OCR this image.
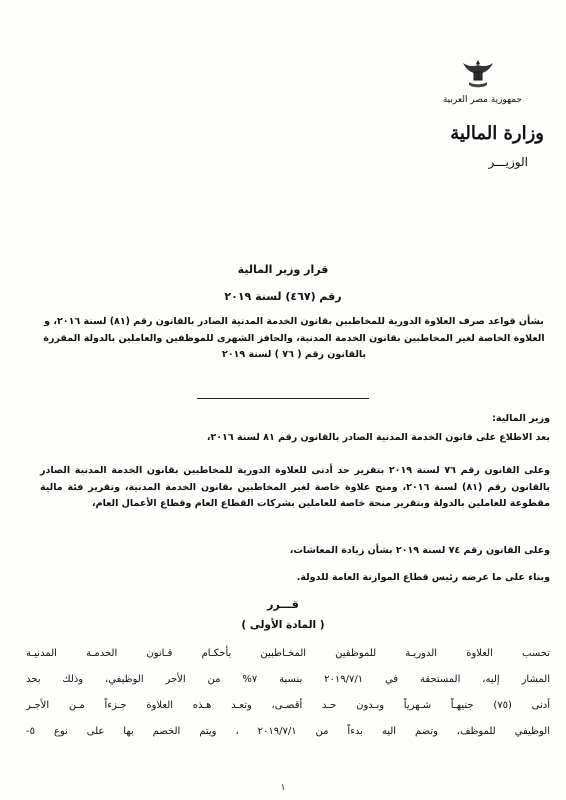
جمهورية مصر العربية
وزارة المالية
الوزيـــر
قرار وزير المالية
رقم (٤٦٧) لسنة ٢٠١٩
بشأن قواعد صرف العلاوة الدورية للمخاطبين بقانون الخدمة المدنية الصادر بالقانون رقم (٨١) لسنة ٢٠١٦، و العلاوة الخاصة لغير المخاطبين بقانون الخدمة المدنية، والحافز الشهرى للموظفين والعاملين بالدولة المقررة بالقانون رقم ( ٧٦ ) لسنة ٢٠١٩
وزير المالية:
بعد الاطلاع على قانون الخدمة المدنية الصادر بالقانون رقم ٨١ لسنة ٢٠١٦،
وعلى القانون رقم ٧٦ لسنة ٢٠١٩ بتقرير حد أدنى للعلاوة الدورية للمخاطبين بقانون الخدمة المدنية الصادر بالقانون رقم (٨١) لسنة ٢٠١٦، ومنح علاوة خاصة لغير المخاطبين بقانون الخدمة المدنية، وتقرير فئة مالية مقطوعة للعاملين بالدولة وبتقرير منحة خاصة للعاملين بشركات القطاع العام وقطاع الأعمال العام،
وعلى القانون رقم ٧٤ لسنة ٢٠١٩ بشأن زيادة المعاشات،
وبناء على ما عرضه رئيس قطاع الموازنة العامة للدولة.
قـــرر
( المادة الأولى )
تحسب العلاوة الدوريـة للموظفين المخـاطبين بأحكـام قـانون الخدمـة المدنيـة
المشار إليه، المستحقة في ٢٠١٩/٧/١ بنسبة ٧% من الأجر الوظيفي، وذلك بحد
أدنى (٧٥) جنيهـاً شـهرياً وبـدون حـد أقصـى، وتعـد هـذه العلاوة جـزءاً مـن الأجـر
الوظيفي للموظف، وتضم اليه بدءاً من ٢٠١٩/٧/١ ، ويتم الخصم بها على نوع ٥-
١
